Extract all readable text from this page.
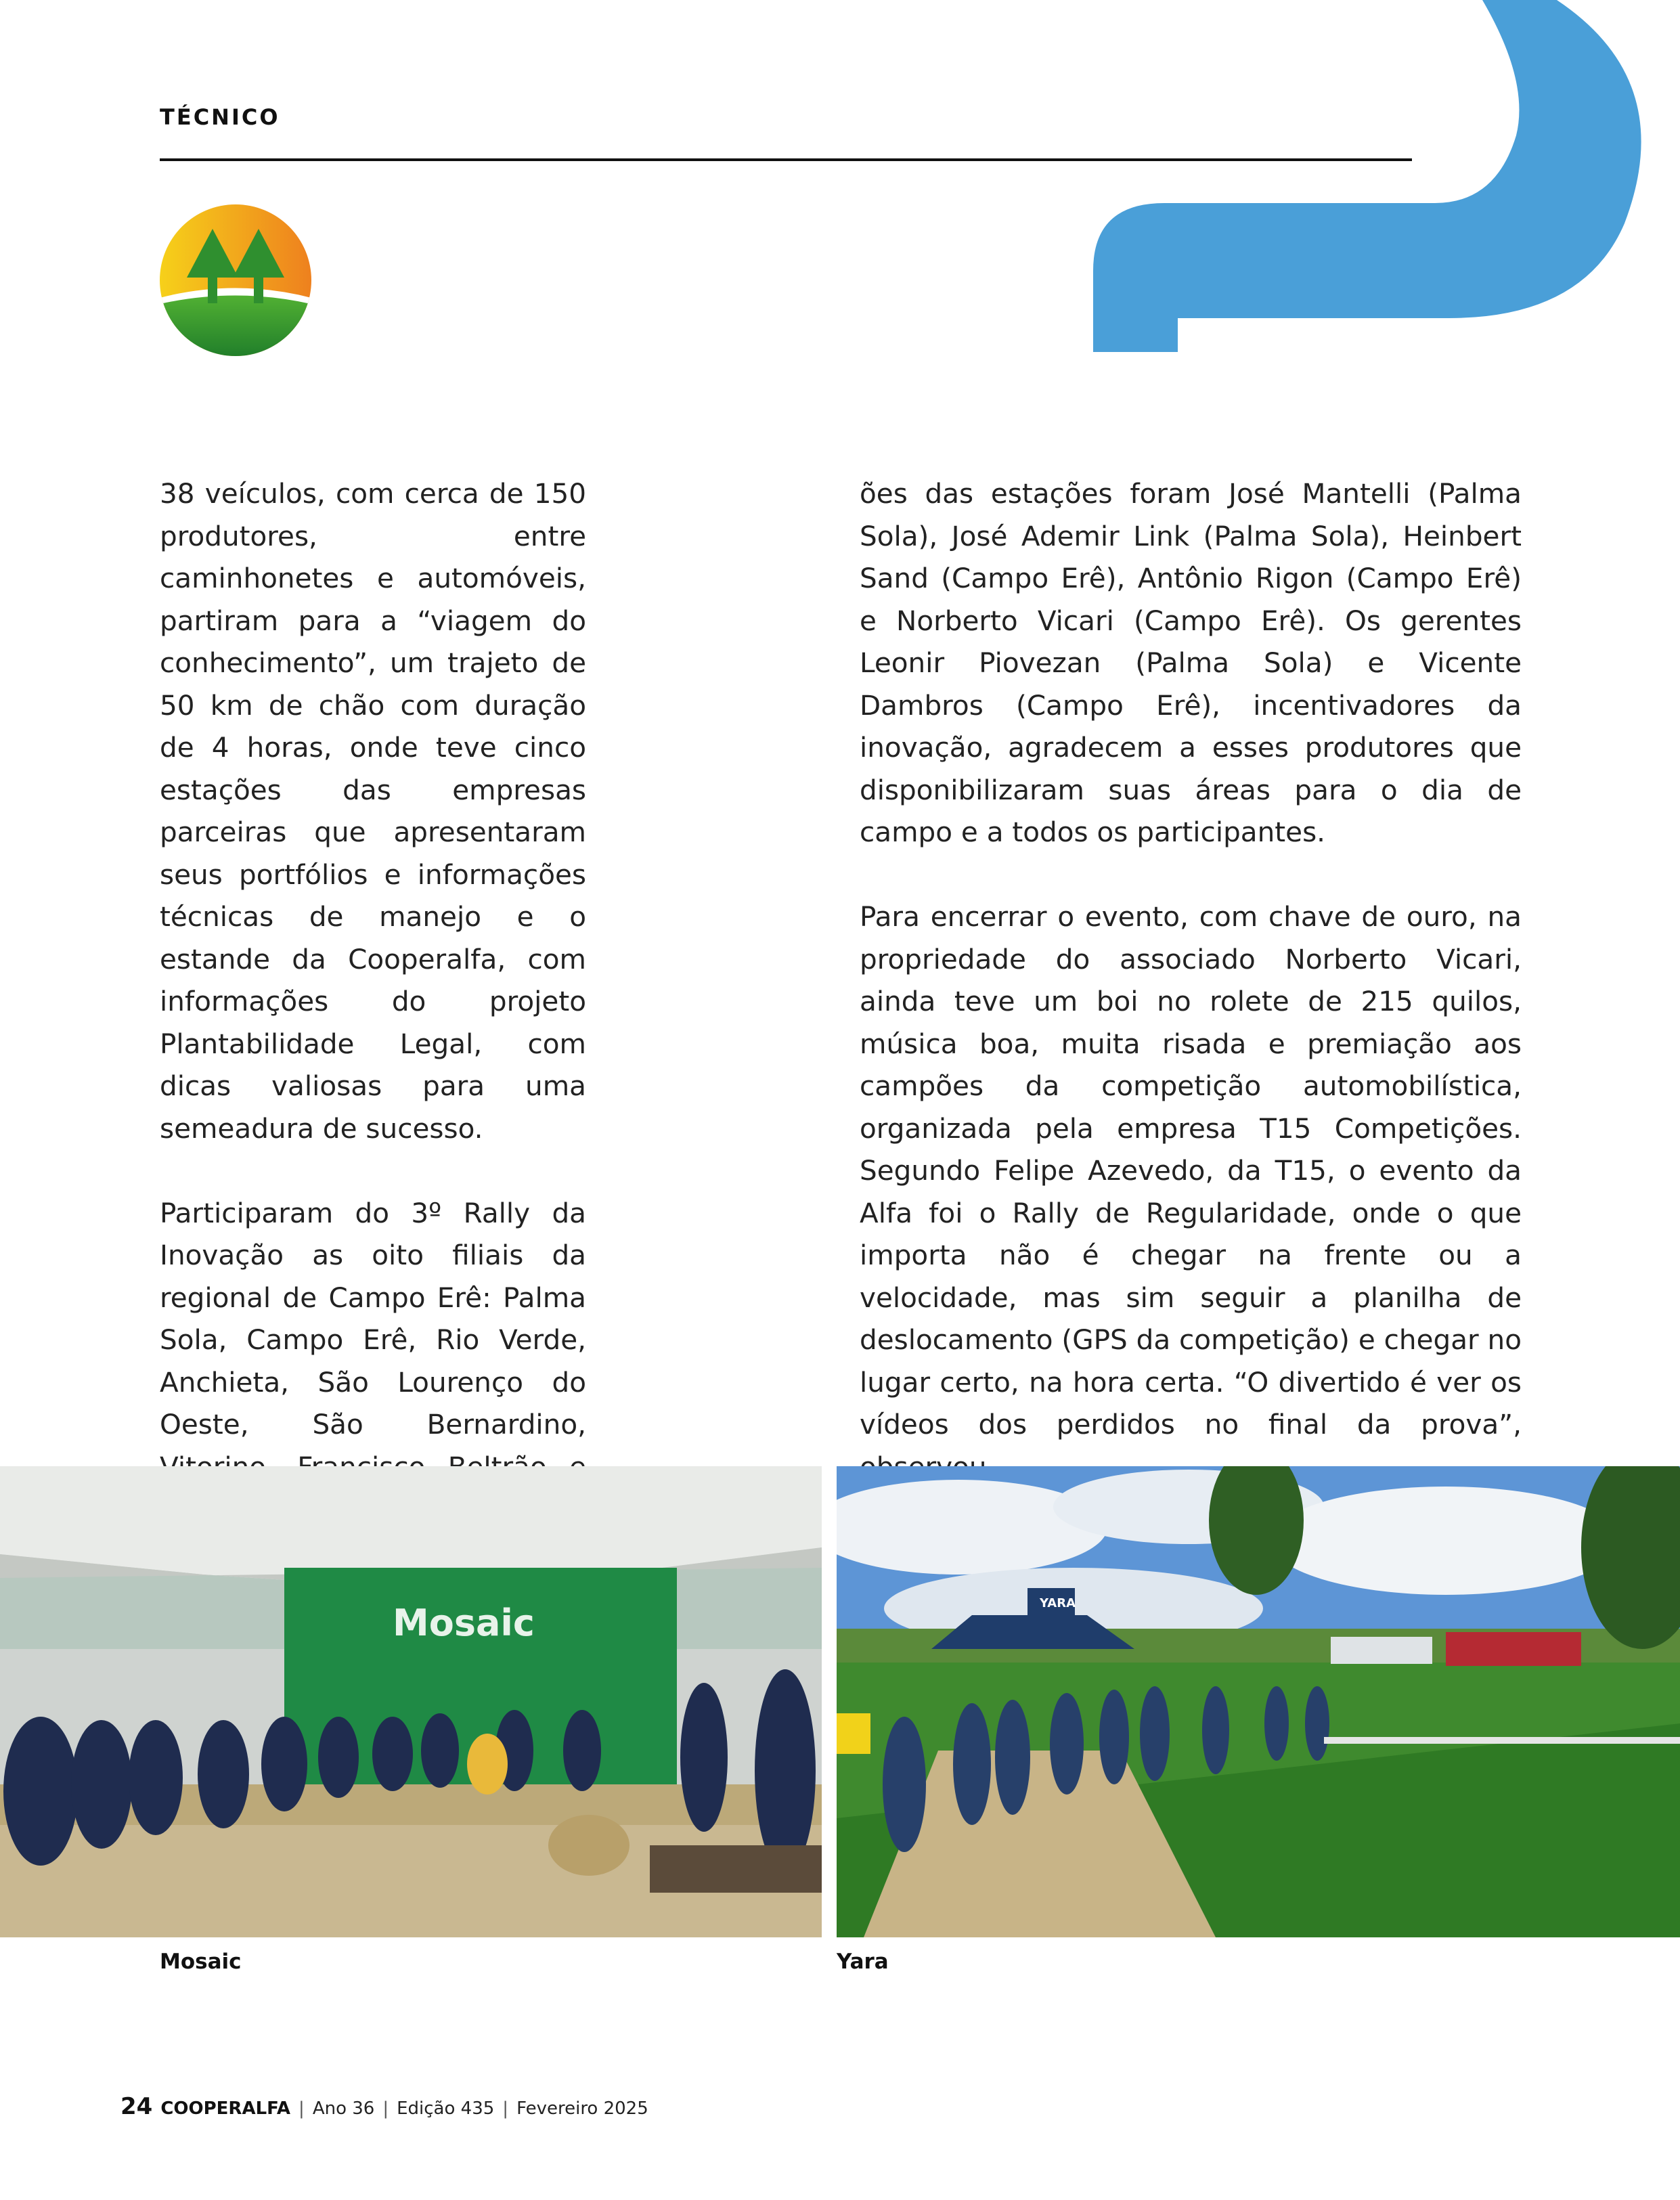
TÉCNICO

38 veículos, com cerca de 150 produtores, entre caminhonetes e automóveis, partiram para a “viagem do conhecimento”, um trajeto de 50 km de chão com duração de 4 horas, onde teve cinco estações das empresas parceiras que apresentaram seus portfólios e informações técnicas de manejo e o estande da Cooperalfa, com informações do projeto Plantabilidade Legal, com dicas valiosas para uma semeadura de sucesso.

Participaram do 3º Rally da Inovação as oito filiais da regional de Campo Erê: Palma Sola, Campo Erê, Rio Verde, Anchieta, São Lourenço do Oeste, São Bernardino,

ões das estações foram José Mantelli (Palma Sola), José Ademir Link (Palma Sola), Heinbert Sand (Campo Erê), Antônio Rigon (Campo Erê) e Norberto Vicari (Campo Erê). Os gerentes Leonir Piovezan (Palma Sola) e Vicente Dambros (Campo Erê), incentivadores da inovação, agradecem a esses produtores que disponibilizaram suas áreas para o dia de campo e a todos os participantes.

Para encerrar o evento, com chave de ouro, na propriedade do associado Norberto Vicari, ainda teve um boi no rolete de 215 quilos, música boa, muita risada e premiação aos campões da competição automobilística, organizada pela empresa T15 Competições. Segundo Felipe Azevedo, da T15, o evento da Alfa foi o Rally de Regularidade, onde o que importa não é chegar na frente ou a velocidade, mas sim seguir a planilha de deslocamento (GPS da competição) e chegar no lugar certo, na hora certa. “O divertido é ver os vídeos dos perdidos no final da prova”,

Mosaic	YARA
Mosaic	Yara
24 COOPERALFA | Ano 36 | Edição 435 | Fevereiro 2025
